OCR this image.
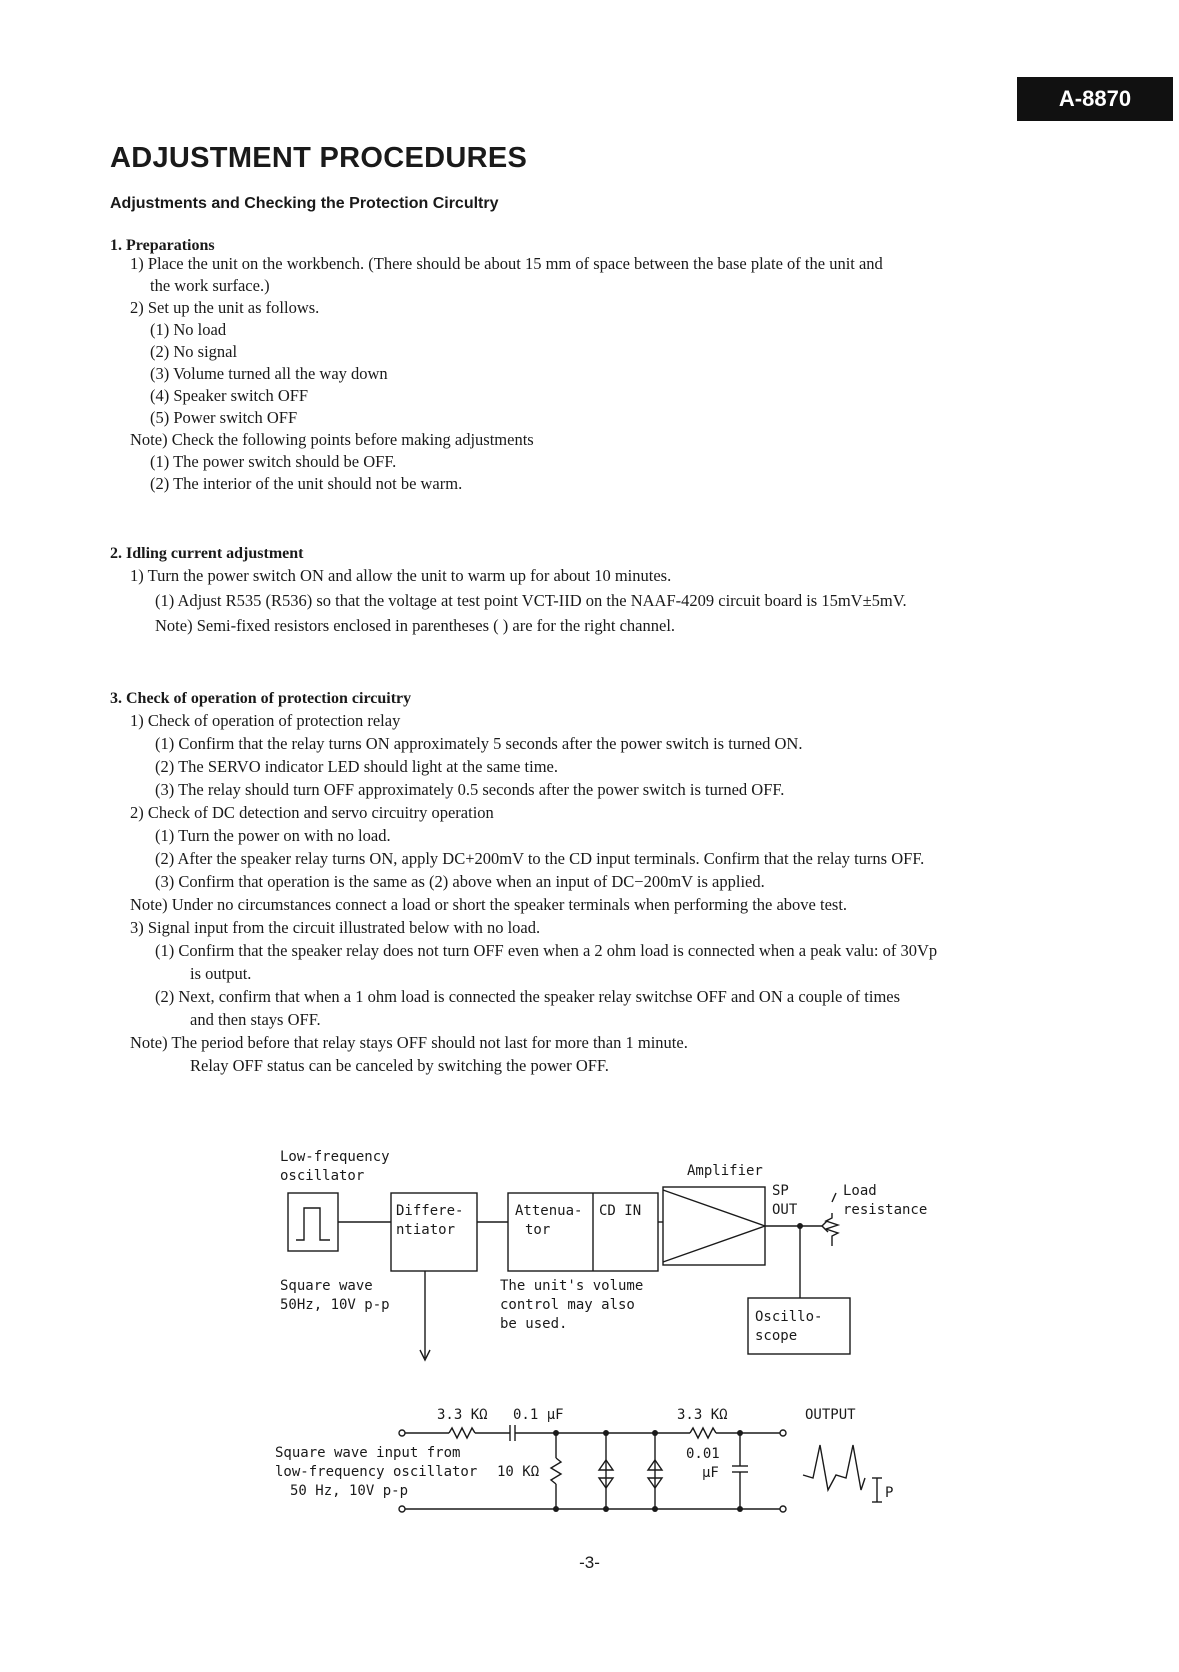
A-8870
ADJUSTMENT PROCEDURES
Adjustments and Checking the Protection Circultry
1. Preparations
1) Place the unit on the workbench. (There should be about 15 mm of space between the base plate of the unit and
the work surface.)
2) Set up the unit as follows.
(1) No load
(2) No signal
(3) Volume turned all the way down
(4) Speaker switch OFF
(5) Power switch OFF
Note) Check the following points before making adjustments
(1) The power switch should be OFF.
(2) The interior of the unit should not be warm.
2. Idling current adjustment
1) Turn the power switch ON and allow the unit to warm up for about 10 minutes.
(1) Adjust R535 (R536) so that the voltage at test point VCT-IID on the NAAF-4209 circuit board is 15mV±5mV.
Note) Semi-fixed resistors enclosed in parentheses ( ) are for the right channel.
3. Check of operation of protection circuitry
1) Check of operation of protection relay
(1) Confirm that the relay turns ON approximately 5 seconds after the power switch is turned ON.
(2) The SERVO indicator LED should light at the same time.
(3) The relay should turn OFF approximately 0.5 seconds after the power switch is turned OFF.
2) Check of DC detection and servo circuitry operation
(1) Turn the power on with no load.
(2) After the speaker relay turns ON, apply DC+200mV to the CD input terminals. Confirm that the relay turns OFF.
(3) Confirm that operation is the same as (2) above when an input of DC−200mV is applied.
Note) Under no circumstances connect a load or short the speaker terminals when performing the above test.
3) Signal input from the circuit illustrated below with no load.
(1) Confirm that the speaker relay does not turn OFF even when a 2 ohm load is connected when a peak valu: of 30Vp
is output.
(2) Next, confirm that when a 1 ohm load is connected the speaker relay switchse OFF and ON a couple of times
and then stays OFF.
Note) The period before that relay stays OFF should not last for more than 1 minute.
Relay OFF status can be canceled by switching the power OFF.
Low-frequency
oscillator
Square wave
50Hz, 10V p-p
Differe-
ntiator
Attenua-
tor
CD IN
Amplifier
SP
OUT
Load
resistance
The unit's volume
control may also
be used.	Oscillo-
scope
3.3 KΩ 0.1 µF	3.3 KΩ	OUTPUT
10 KΩ
0.01
µF
Square wave input from
low-frequency oscillator
50 Hz, 10V p-p	P
-3-
